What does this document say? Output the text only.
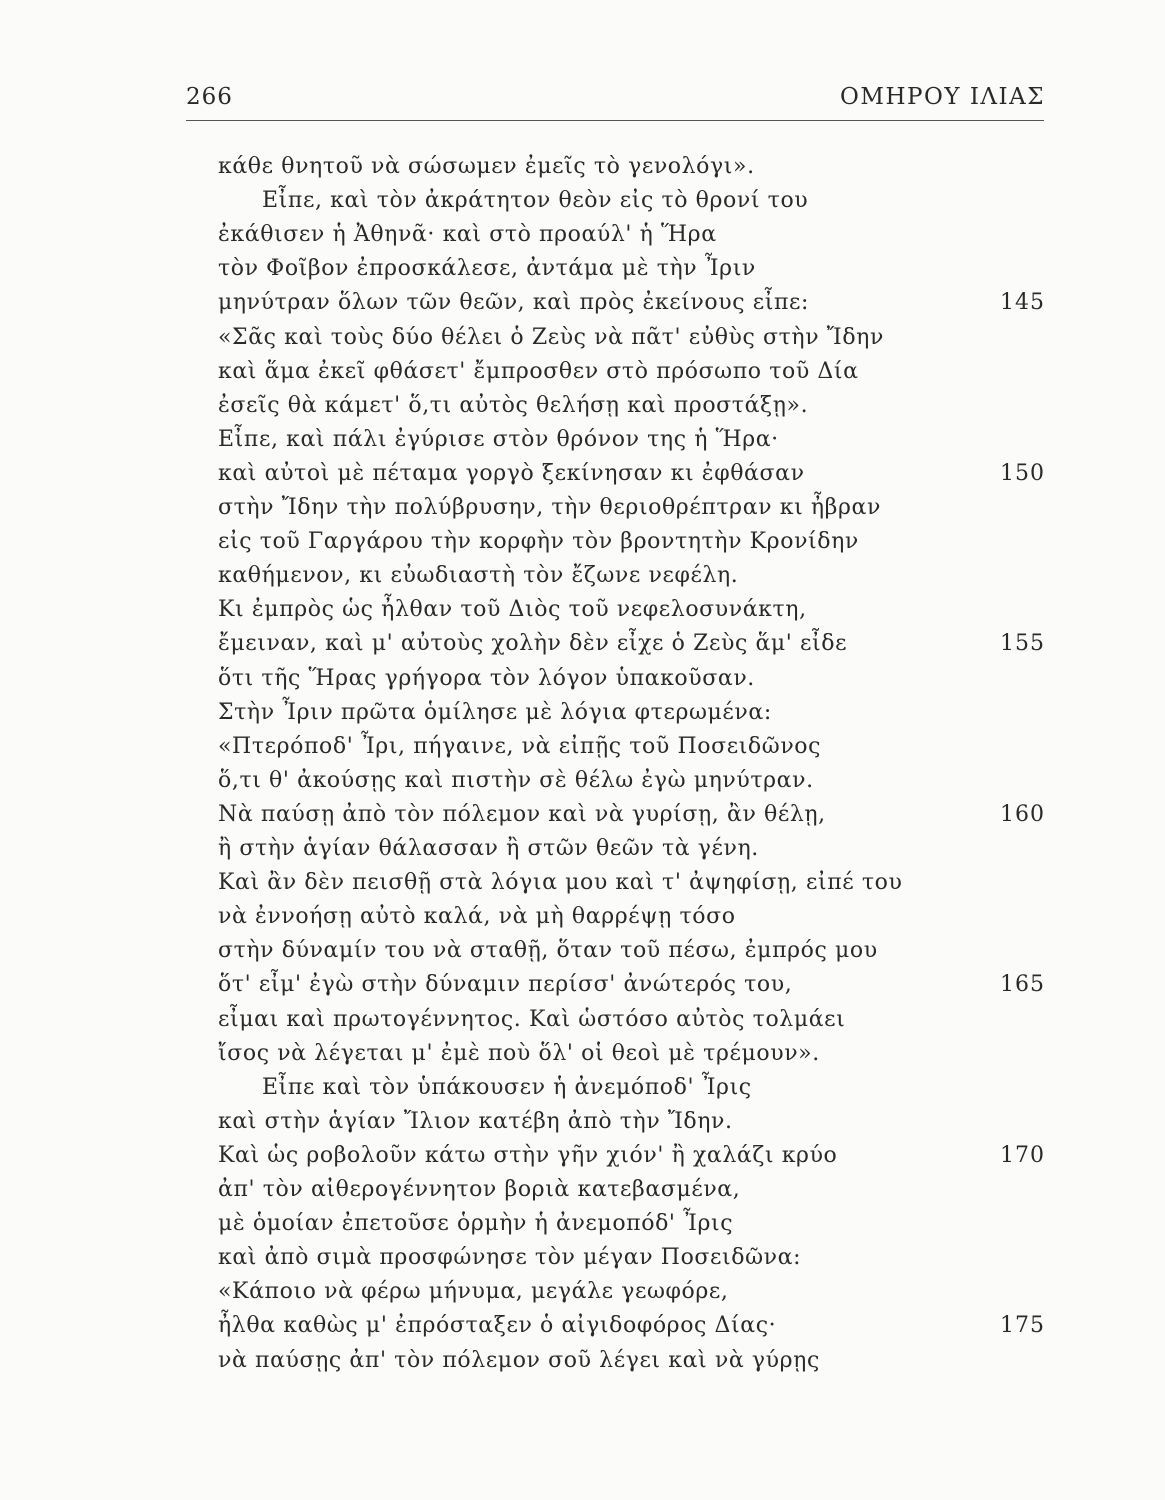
266	ΟΜΗΡΟΥ ΙΛΙΑΣ
κάθε θνητοῦ νὰ σώσωμεν ἐμεῖς τὸ γενολόγι».
Εἶπε, καὶ τὸν ἀκράτητον θεὸν εἰς τὸ θρονί του
ἐκάθισεν ἡ Ἀθηνᾶ· καὶ στὸ προαύλ' ἡ Ἥρα
τὸν Φοῖβον ἐπροσκάλεσε, ἀντάμα μὲ τὴν Ἶριν
μηνύτραν ὅλων τῶν θεῶν, καὶ πρὸς ἐκείνους εἶπε:	145
«Σᾶς καὶ τοὺς δύο θέλει ὁ Ζεὺς νὰ πᾶτ' εὐθὺς στὴν Ἴδην
καὶ ἅμα ἐκεῖ φθάσετ' ἔμπροσθεν στὸ πρόσωπο τοῦ Δία
ἐσεῖς θὰ κάμετ' ὅ,τι αὐτὸς θελήσῃ καὶ προστάξῃ».
Εἶπε, καὶ πάλι ἐγύρισε στὸν θρόνον της ἡ Ἥρα·
καὶ αὐτοὶ μὲ πέταμα γοργὸ ξεκίνησαν κι ἐφθάσαν	150
στὴν Ἴδην τὴν πολύβρυσην, τὴν θεριοθρέπτραν κι ἦβραν
εἰς τοῦ Γαργάρου τὴν κορφὴν τὸν βροντητὴν Κρονίδην
καθήμενον, κι εὐωδιαστὴ τὸν ἔζωνε νεφέλη.
Κι ἐμπρὸς ὡς ἦλθαν τοῦ Διὸς τοῦ νεφελοσυνάκτη,
ἔμειναν, καὶ μ' αὐτοὺς χολὴν δὲν εἶχε ὁ Ζεὺς ἅμ' εἶδε	155
ὅτι τῆς Ἥρας γρήγορα τὸν λόγον ὑπακοῦσαν.
Στὴν Ἶριν πρῶτα ὁμίλησε μὲ λόγια φτερωμένα:
«Πτερόποδ' Ἶρι, πήγαινε, νὰ εἰπῇς τοῦ Ποσειδῶνος
ὅ,τι θ' ἀκούσῃς καὶ πιστὴν σὲ θέλω ἐγὼ μηνύτραν.
Νὰ παύσῃ ἀπὸ τὸν πόλεμον καὶ νὰ γυρίσῃ, ἂν θέλῃ,	160
ἢ στὴν ἁγίαν θάλασσαν ἢ στῶν θεῶν τὰ γένη.
Καὶ ἂν δὲν πεισθῇ στὰ λόγια μου καὶ τ' ἀψηφίσῃ, εἰπέ του
νὰ ἐννοήσῃ αὐτὸ καλά, νὰ μὴ θαρρέψῃ τόσο
στὴν δύναμίν του νὰ σταθῇ, ὅταν τοῦ πέσω, ἐμπρός μου
ὅτ' εἶμ' ἐγὼ στὴν δύναμιν περίσσ' ἀνώτερός του,	165
εἶμαι καὶ πρωτογέννητος. Καὶ ὡστόσο αὐτὸς τολμάει
ἴσος νὰ λέγεται μ' ἐμὲ ποὺ ὅλ' οἱ θεοὶ μὲ τρέμουν».
Εἶπε καὶ τὸν ὑπάκουσεν ἡ ἀνεμόποδ' Ἶρις
καὶ στὴν ἁγίαν Ἴλιον κατέβη ἀπὸ τὴν Ἴδην.
Καὶ ὡς ροβολοῦν κάτω στὴν γῆν χιόν' ἢ χαλάζι κρύο	170
ἀπ' τὸν αἰθερογέννητον βοριὰ κατεβασμένα,
μὲ ὁμοίαν ἐπετοῦσε ὁρμὴν ἡ ἀνεμοπόδ' Ἶρις
καὶ ἀπὸ σιμὰ προσφώνησε τὸν μέγαν Ποσειδῶνα:
«Κάποιο νὰ φέρω μήνυμα, μεγάλε γεωφόρε,
ἦλθα καθὼς μ' ἐπρόσταξεν ὁ αἰγιδοφόρος Δίας·	175
νὰ παύσῃς ἀπ' τὸν πόλεμον σοῦ λέγει καὶ νὰ γύρῃς
